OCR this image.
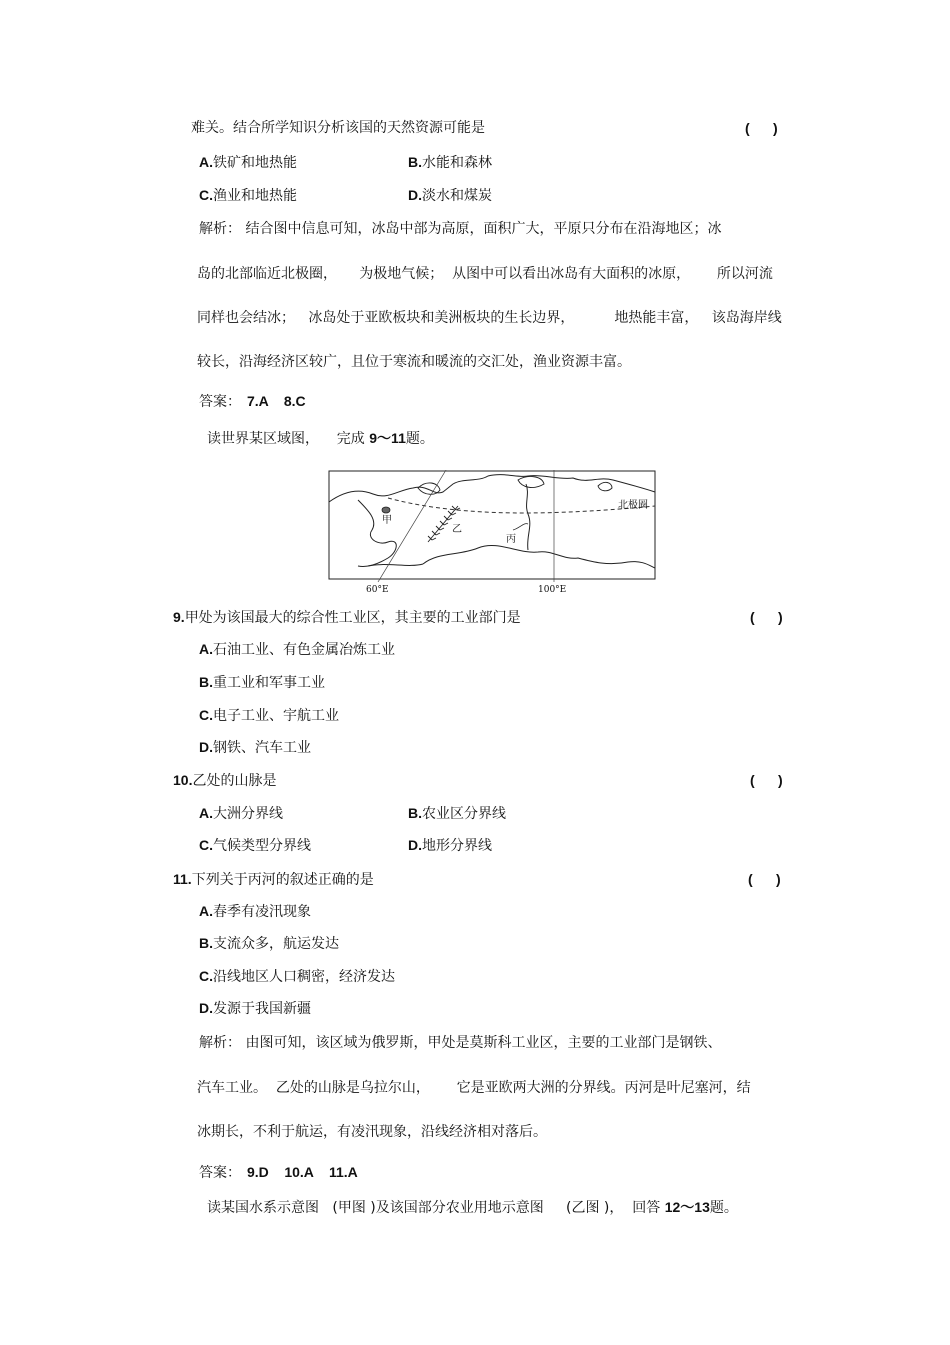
难关。结合所学知识分析该国的天然资源可能是	(      )
A.铁矿和地热能	B.水能和森林
C.渔业和地热能	D.淡水和煤炭
解析： 结合图中信息可知，冰岛中部为高原，面积广大，平原只分布在沿海地区；冰
岛的北部临近北极圈，     为极地气候；  从图中可以看出冰岛有大面积的冰原，      所以河流
同样也会结冰；   冰岛处于亚欧板块和美洲板块的生长边界，         地热能丰富，   该岛海岸线
较长，沿海经济区较广，且位于寒流和暖流的交汇处，渔业资源丰富。
答案： 7.A    8.C
读世界某区域图，    完成 9～11题。
甲
乙
丙
北极圈
60°E	100°E
9.甲处为该国最大的综合性工业区，其主要的工业部门是	(      )
A.石油工业、有色金属冶炼工业
B.重工业和军事工业
C.电子工业、宇航工业
D.钢铁、汽车工业
10.乙处的山脉是	(      )
A.大洲分界线	B.农业区分界线
C.气候类型分界线	D.地形分界线
11.下列关于丙河的叙述正确的是	(      )
A.春季有凌汛现象
B.支流众多，航运发达
C.沿线地区人口稠密，经济发达
D.发源于我国新疆
解析： 由图可知，该区域为俄罗斯，甲处是莫斯科工业区，主要的工业部门是钢铁、
汽车工业。  乙处的山脉是乌拉尔山，      它是亚欧两大洲的分界线。丙河是叶尼塞河，结
冰期长，不利于航运，有凌汛现象，沿线经济相对落后。
答案： 9.D    10.A    11.A
读某国水系示意图   (甲图 )及该国部分农业用地示意图     (乙图 )，  回答 12～13题。
